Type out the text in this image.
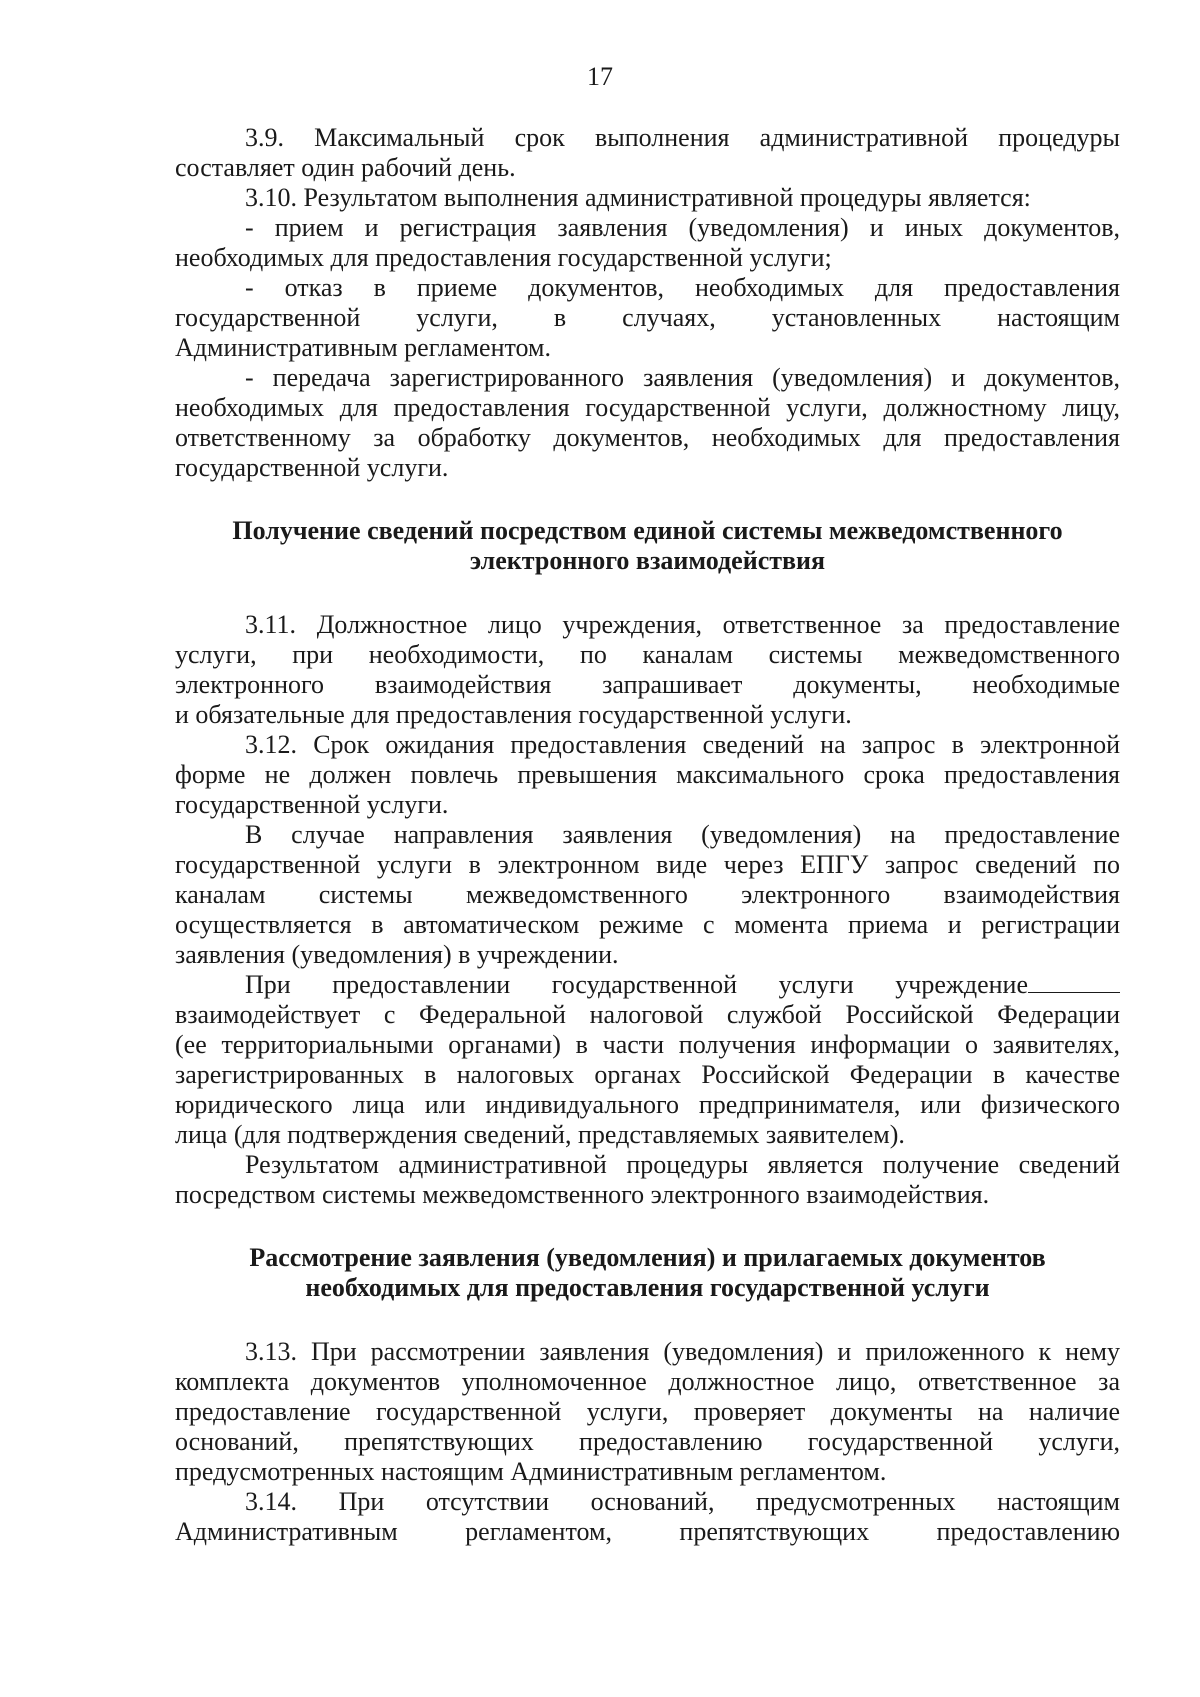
17
3.9. Максимальный срок выполнения административной процедуры
составляет один рабочий день.
3.10. Результатом выполнения административной процедуры является:
- прием и регистрация заявления (уведомления) и иных документов,
необходимых для предоставления государственной услуги;
- отказ в приеме документов, необходимых для предоставления
государственной услуги, в случаях, установленных настоящим
Административным регламентом.
- передача зарегистрированного заявления (уведомления) и документов,
необходимых для предоставления государственной услуги, должностному лицу,
ответственному за обработку документов, необходимых для предоставления
государственной услуги.
Получение сведений посредством единой системы межведомственного
электронного взаимодействия
3.11. Должностное лицо учреждения, ответственное за предоставление
услуги, при необходимости, по каналам системы межведомственного
электронного взаимодействия запрашивает документы, необходимые
и обязательные для предоставления государственной услуги.
3.12. Срок ожидания предоставления сведений на запрос в электронной
форме не должен повлечь превышения максимального срока предоставления
государственной услуги.
В случае направления заявления (уведомления) на предоставление
государственной услуги в электронном виде через ЕПГУ запрос сведений по
каналам системы межведомственного электронного взаимодействия
осуществляется в автоматическом режиме с момента приема и регистрации
заявления (уведомления) в учреждении.
При предоставлении государственной услуги учреждение
взаимодействует с Федеральной налоговой службой Российской Федерации
(ее территориальными органами) в части получения информации о заявителях,
зарегистрированных в налоговых органах Российской Федерации в качестве
юридического лица или индивидуального предпринимателя, или физического
лица (для подтверждения сведений, представляемых заявителем).
Результатом административной процедуры является получение сведений
посредством системы межведомственного электронного взаимодействия.
Рассмотрение заявления (уведомления) и прилагаемых документов
необходимых для предоставления государственной услуги
3.13. При рассмотрении заявления (уведомления) и приложенного к нему
комплекта документов уполномоченное должностное лицо, ответственное за
предоставление государственной услуги, проверяет документы на наличие
оснований, препятствующих предоставлению государственной услуги,
предусмотренных настоящим Административным регламентом.
3.14. При отсутствии оснований, предусмотренных настоящим
Административным регламентом, препятствующих предоставлению
